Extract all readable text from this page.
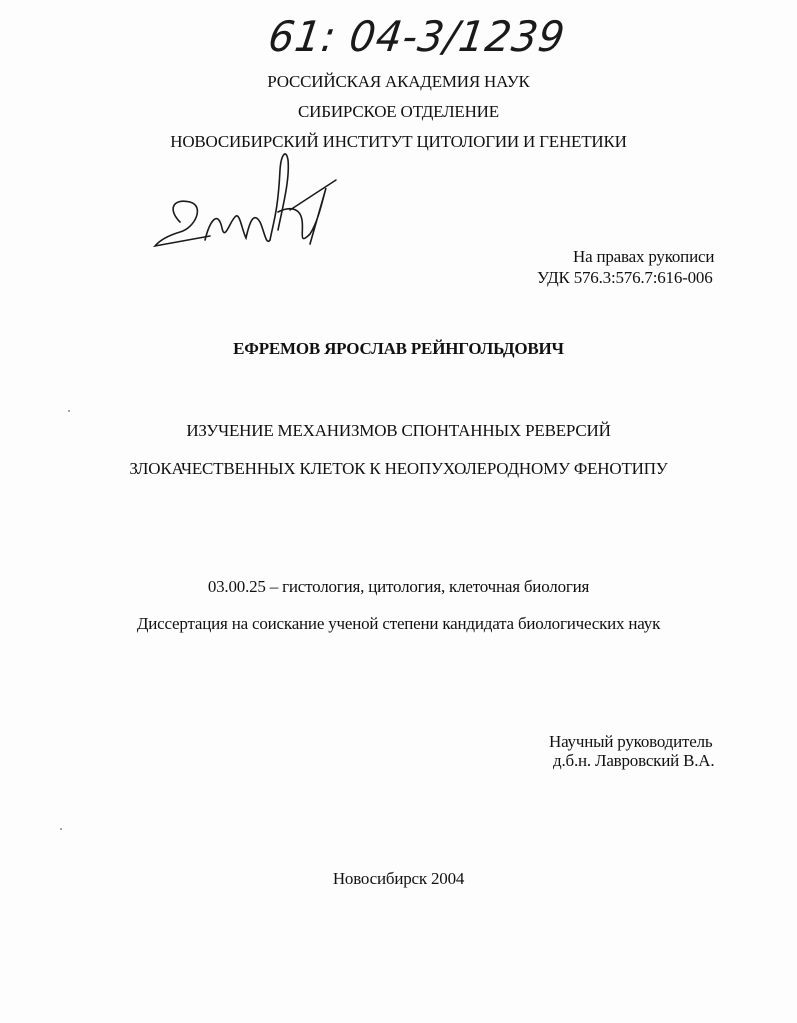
61: 04-3/1239
РОССИЙСКАЯ АКАДЕМИЯ НАУК
СИБИРСКОЕ ОТДЕЛЕНИЕ
НОВОСИБИРСКИЙ ИНСТИТУТ ЦИТОЛОГИИ И ГЕНЕТИКИ
На правах рукописи
УДК 576.3:576.7:616-006
ЕФРЕМОВ ЯРОСЛАВ РЕЙНГОЛЬДОВИЧ
ИЗУЧЕНИЕ МЕХАНИЗМОВ СПОНТАННЫХ РЕВЕРСИЙ
ЗЛОКАЧЕСТВЕННЫХ КЛЕТОК К НЕОПУХОЛЕРОДНОМУ ФЕНОТИПУ
03.00.25 – гистология, цитология, клеточная биология
Диссертация на соискание ученой степени кандидата биологических наук
Научный руководитель
д.б.н. Лавровский В.А.
Новосибирск 2004
